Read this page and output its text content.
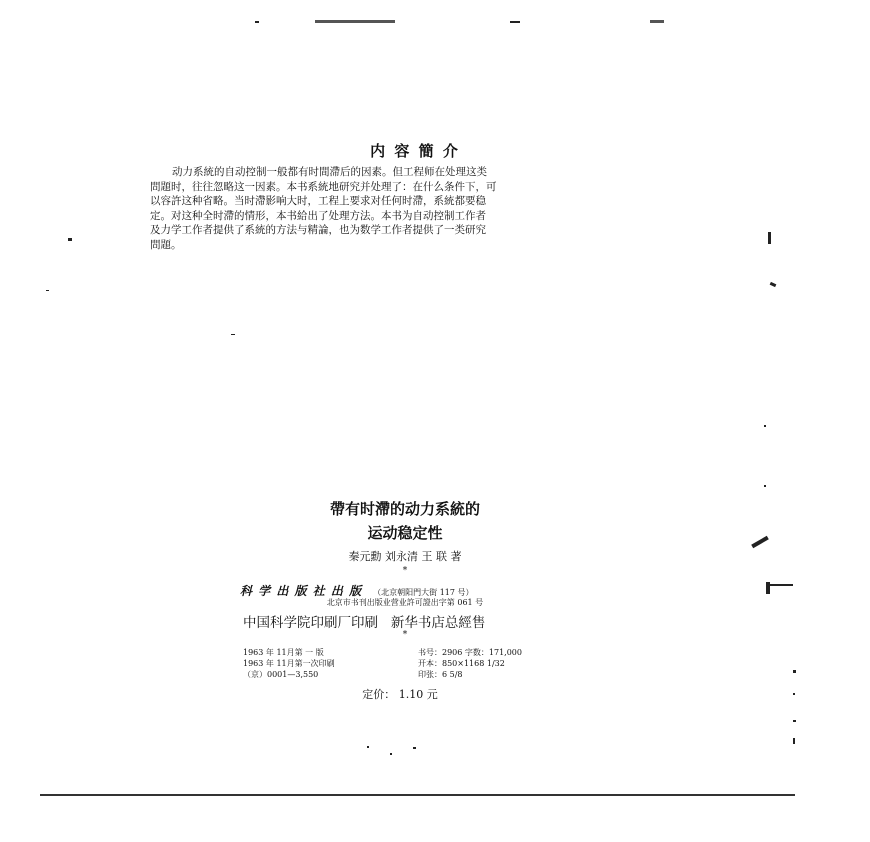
内 容 簡 介
动力系統的自动控制一般都有时間滯后的因素。但工程师在处理这类
問題时，往往忽略这一因素。本书系統地研究并处理了：在什么条件下，可
以容許这种省略。当时滯影响大时，工程上要求对任何时滯，系統都要稳
定。对这种全时滯的情形，本书給出了处理方法。本书为自动控制工作者
及力学工作者提供了系統的方法与精論，也为数学工作者提供了一类研究
問題。
帶有时滯的动力系統的
运动稳定性
秦元勳 刘永清 王 联 著
*
科 学 出 版 社 出 版 （北京朝阳門大街 117 号）
北京市书刊出版业营业許可證出字第 061 号
中国科学院印刷厂印刷   新华书店总經售
*
1963 年 11月第 一 版
1963 年 11月第一次印刷
（京）0001—3,550
书号：2906 字数：171,000
开本：850×1168 1/32
印张：6 5/8
定价： 1.10 元
